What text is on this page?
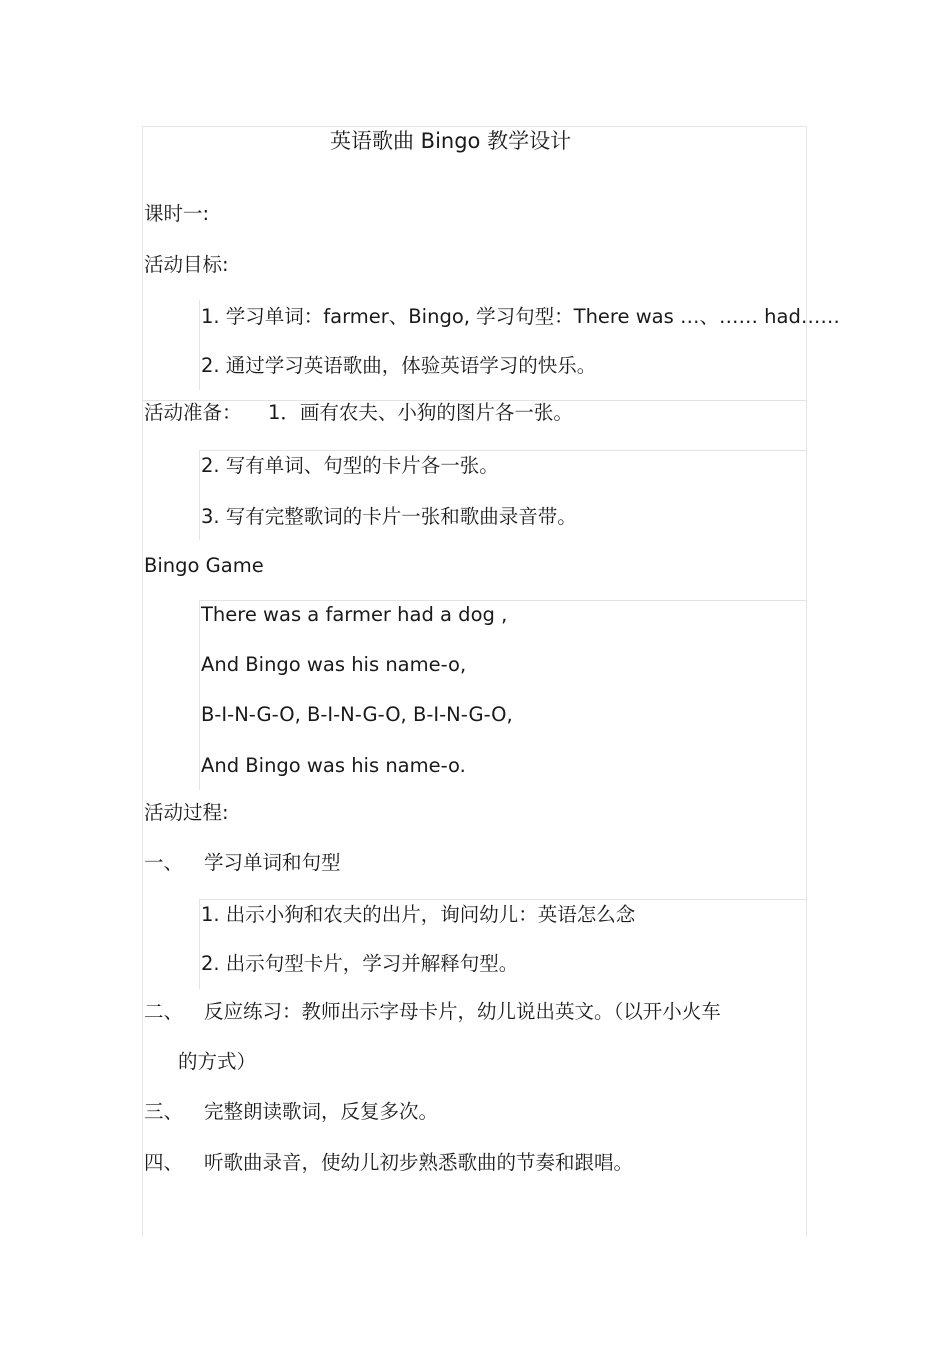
英语歌曲 Bingo 教学设计
课时一:
活动目标:
1. 学习单词：farmer、Bingo, 学习句型：There was …、…… had……
2. 通过学习英语歌曲，体验英语学习的快乐。
活动准备： 1．画有农夫、小狗的图片各一张。
2. 写有单词、句型的卡片各一张。
3. 写有完整歌词的卡片一张和歌曲录音带。
Bingo Game
There was a farmer had a dog ,
And Bingo was his name-o,
B-I-N-G-O, B-I-N-G-O, B-I-N-G-O,
And Bingo was his name-o.
活动过程:
一、 学习单词和句型
1. 出示小狗和农夫的出片，询问幼儿：英语怎么念
2. 出示句型卡片，学习并解释句型。
二、 反应练习：教师出示字母卡片，幼儿说出英文。（以开小火车
的方式）
三、 完整朗读歌词，反复多次。
四、 听歌曲录音，使幼儿初步熟悉歌曲的节奏和跟唱。
